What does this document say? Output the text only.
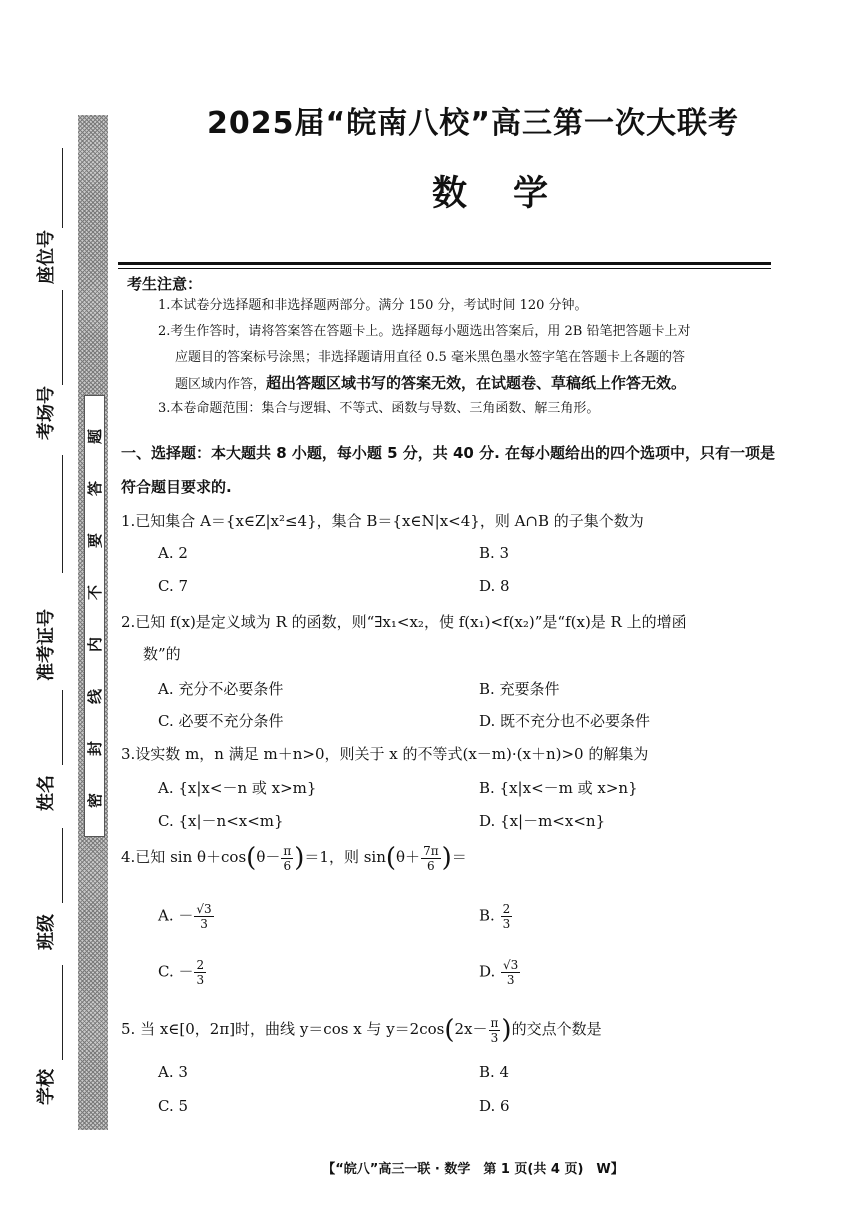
题
答
要
不
内
线
封
密
座位号
考场号
准考证号
姓名
班级
学校
2025届“皖南八校”高三第一次大联考
数学
考生注意：
1.本试卷分选择题和非选择题两部分。满分 150 分，考试时间 120 分钟。
2.考生作答时，请将答案答在答题卡上。选择题每小题选出答案后，用 2B 铅笔把答题卡上对
应题目的答案标号涂黑；非选择题请用直径 0.5 毫米黑色墨水签字笔在答题卡上各题的答
题区域内作答，超出答题区域书写的答案无效，在试题卷、草稿纸上作答无效。
3.本卷命题范围：集合与逻辑、不等式、函数与导数、三角函数、解三角形。
一、选择题：本大题共 8 小题，每小题 5 分，共 40 分. 在每小题给出的四个选项中，只有一项是符合题目要求的.
1.已知集合 A＝{x∈Z|x²≤4}，集合 B＝{x∈N|x<4}，则 A∩B 的子集个数为
A. 2	B. 3
C. 7	D. 8
2.已知 f(x)是定义域为 R 的函数，则“∃x₁<x₂，使 f(x₁)<f(x₂)”是“f(x)是 R 上的增函
数”的
A. 充分不必要条件	B. 充要条件
C. 必要不充分条件	D. 既不充分也不必要条件
3.设实数 m，n 满足 m＋n>0，则关于 x 的不等式(x－m)·(x＋n)>0 的解集为
A. {x|x<－n 或 x>m}	B. {x|x<－m 或 x>n}
C. {x|－n<x<m}	D. {x|－m<x<n}
4.已知 $\sin \theta+\cos(\theta- \frac{\pi}{6} )=1$，则 $\sin(\theta+ \frac{7\pi}{6}$ )＝
A. － $\frac{√3}{3}$	B. $\frac{2}{3}$
C. － $\frac{2}{3}$	D. $\frac{√3}{3}$
5. 当 x∈[0，2π]时，曲线 y＝cos x 与 $y=2\cos(2x- \frac{\pi}{3}$ )的交点个数是
A. 3	B. 4
C. 5	D. 6
【“皖八”高三一联 · 数学　第 1 页(共 4 页)　W】
